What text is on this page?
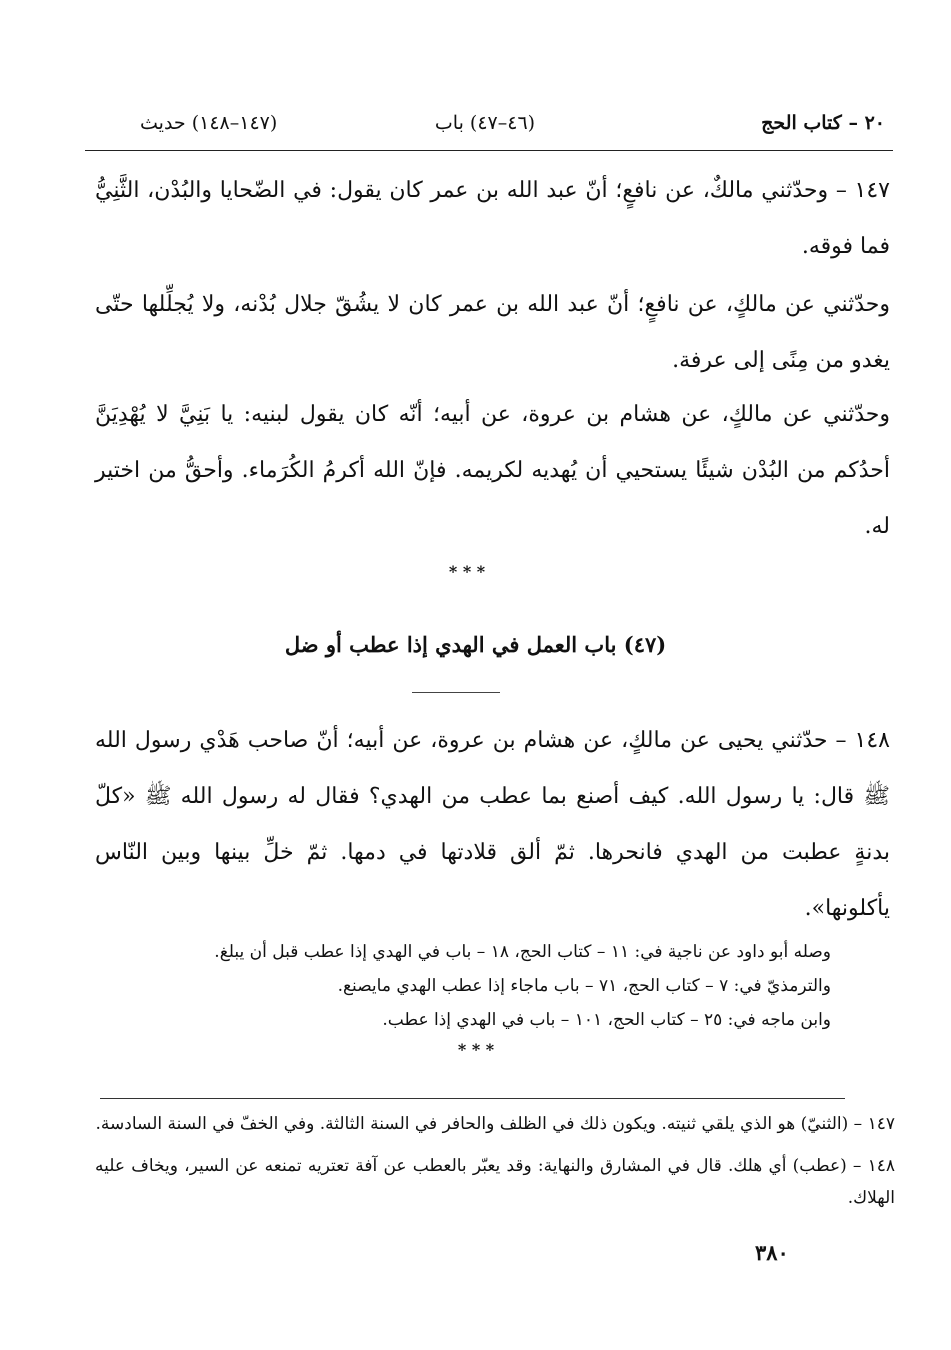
٢٠ – كتاب الحج
(٤٦–٤٧) باب
(١٤٧–١٤٨) حديث
١٤٧ – وحدّثني مالكٌ، عن نافعٍ؛ أنّ عبد الله بن عمر كان يقول: في الضّحايا والبُدْن، الثَّنِيُّ فما فوقه.
وحدّثني عن مالكٍ، عن نافعٍ؛ أنّ عبد الله بن عمر كان لا يشُقّ جلال بُدْنه، ولا يُجلِّلها حتّى يغدو من مِنًى إلى عرفة.
وحدّثني عن مالكٍ، عن هشام بن عروة، عن أبيه؛ أنّه كان يقول لبنيه: يا بَنِيَّ لا يُهْدِيَنَّ أحدُكم من البُدْن شيئًا يستحيي أن يُهديه لكريمه. فإنّ الله أكرمُ الكُرَماء. وأحقُّ من اختير له.
* * *
(٤٧) باب العمل في الهدي إذا عطب أو ضل
١٤٨ – حدّثني يحيى عن مالكٍ، عن هشام بن عروة، عن أبيه؛ أنّ صاحب هَدْي رسول الله ﷺ قال: يا رسول الله. كيف أصنع بما عطب من الهدي؟ فقال له رسول الله ﷺ «كلّ بدنةٍ عطبت من الهدي فانحرها. ثمّ ألق قلادتها في دمها. ثمّ خلِّ بينها وبين النّاس يأكلونها».
وصله أبو داود عن ناجية في: ١١ – كتاب الحج، ١٨ – باب في الهدي إذا عطب قبل أن يبلغ.
والترمذيّ في: ٧ – كتاب الحج، ٧١ – باب ماجاء إذا عطب الهدي مايصنع.
وابن ماجه في: ٢٥ – كتاب الحج، ١٠١ – باب في الهدي إذا عطب.
* * *
١٤٧ – (الثنيّ) هو الذي يلقي ثنيته. ويكون ذلك في الظلف والحافر في السنة الثالثة. وفي الخفّ في السنة السادسة.
١٤٨ – (عطب) أي هلك. قال في المشارق والنهاية: وقد يعبّر بالعطب عن آفة تعتريه تمنعه عن السير، ويخاف عليه الهلاك.
٣٨٠
